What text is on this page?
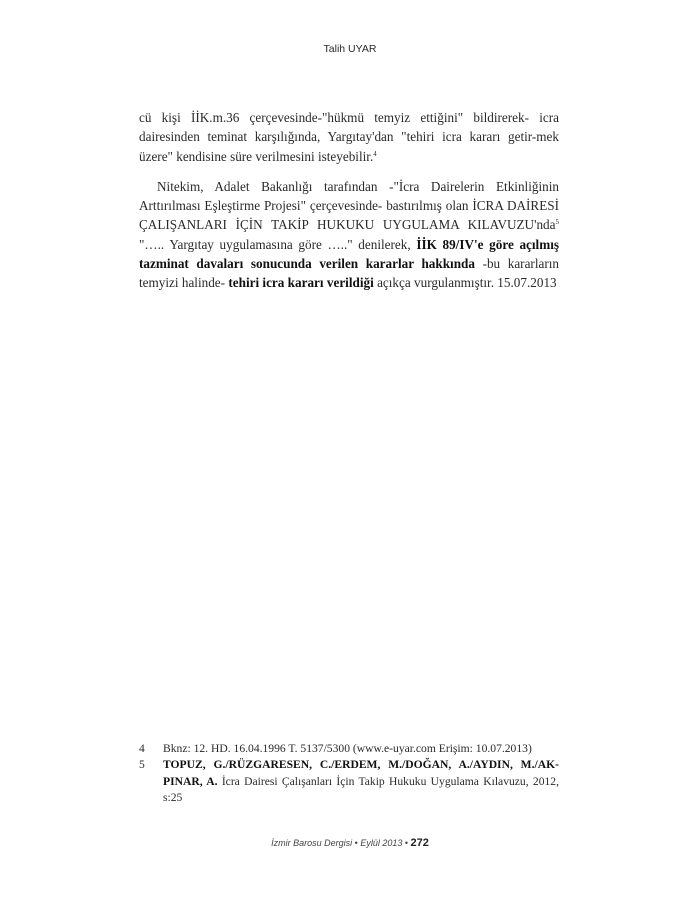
Talih UYAR

cü kişi İİK.m.36 çerçevesinde-"hükmü temyiz ettiğini" bildirerek- icra dairesinden teminat karşılığında, Yargıtay'dan "tehiri icra kararı getir-mek üzere" kendisine süre verilmesini isteyebilir.$^4$

Nitekim, Adalet Bakanlığı tarafından -"İcra Dairelerin Etkinliğinin Arttırılması Eşleştirme Projesi" çerçevesinde- bastırılmış olan İCRA DAİRESİ ÇALIŞANLARI İÇİN TAKİP HUKUKU UYGULAMA KILAVUZU'nda$^5$ "….. Yargıtay uygulamasına göre ….." denilerek, İİK 89/IV'e göre açılmış tazminat davaları sonucunda verilen kararlar hakkında -bu kararların temyizi halinde- tehiri icra kararı verildiği açıkça vurgulanmıştır. 15.07.2013

4 Bknz: 12. HD. 16.04.1996 T. 5137/5300 (www.e-uyar.com Erişim: 10.07.2013)
5 TOPUZ, G./RÜZGARESEN, C./ERDEM, M./DOĞAN, A./AYDIN, M./AK-PINAR, A. İcra Dairesi Çalışanları İçin Takip Hukuku Uygulama Kılavuzu, 2012, s:25
İzmir Barosu Dergisi • Eylül 2013 • 272
